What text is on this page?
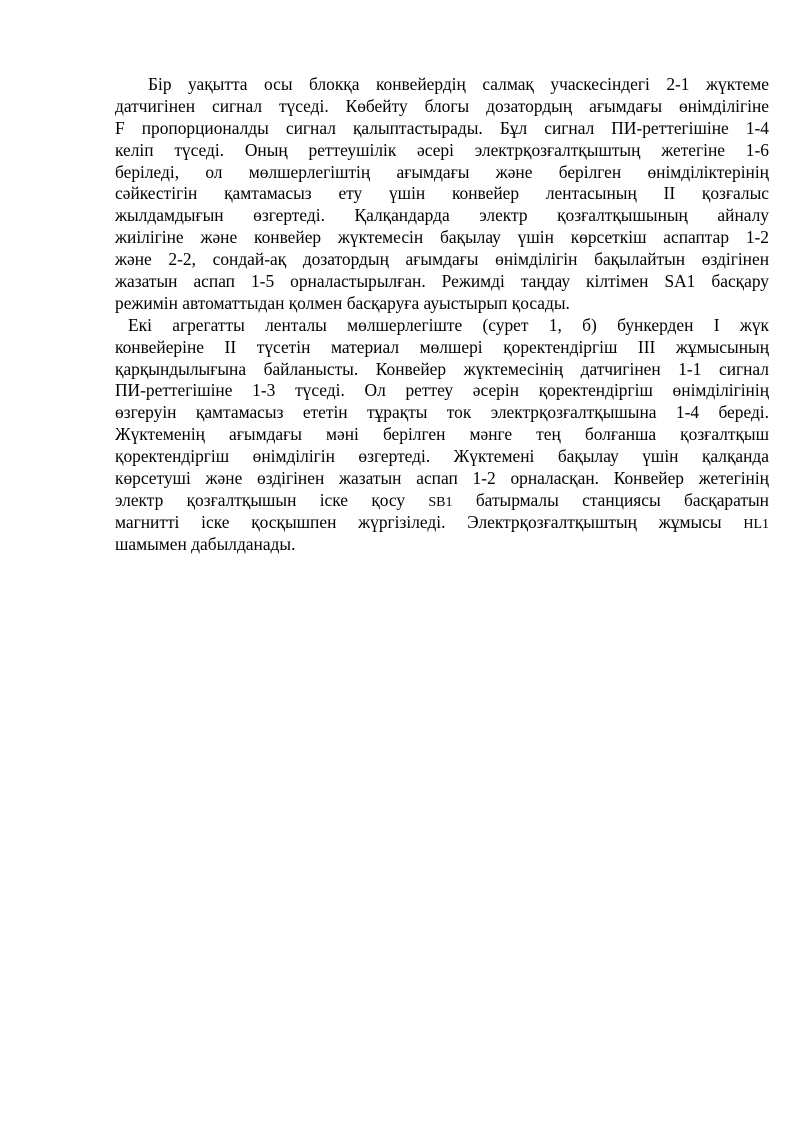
Бір уақытта осы блокқа конвейердің салмақ учаскесіндегі 2-1 жүктеме
датчигінен сигнал түседі. Көбейту блогы дозатордың ағымдағы өнімділігіне
F пропорционалды сигнал қалыптастырады. Бұл сигнал ПИ-реттегішіне 1-4
келіп түседі. Оның реттеушілік әсері электрқозғалтқыштың жетегіне 1-6
беріледі, ол мөлшерлегіштің ағымдағы және берілген өнімділіктерінің
сәйкестігін қамтамасыз ету үшін конвейер лентасының II қозғалыс
жылдамдығын өзгертеді. Қалқандарда электр қозғалтқышының айналу
жиілігіне және конвейер жүктемесін бақылау үшін көрсеткіш аспаптар 1-2
және 2-2, сондай-ақ дозатордың ағымдағы өнімділігін бақылайтын өздігінен
жазатын аспап 1-5 орналастырылған. Режимді таңдау кілтімен SA1 басқару
режимін автоматтыдан қолмен басқаруға ауыстырып қосады.
Екі агрегатты ленталы мөлшерлегіште (сурет 1, б) бункерден I жүк
конвейеріне II түсетін материал мөлшері қоректендіргіш III жұмысының
қарқындылығына байланысты. Конвейер жүктемесінің датчигінен 1-1 сигнал
ПИ-реттегішіне 1-3 түседі. Ол реттеу әсерін қоректендіргіш өнімділігінің
өзгеруін қамтамасыз ететін тұрақты ток электрқозғалтқышына 1-4 береді.
Жүктеменің ағымдағы мәні берілген мәнге тең болғанша қозғалтқыш
қоректендіргіш өнімділігін өзгертеді. Жүктемені бақылау үшін қалқанда
көрсетуші және өздігінен жазатын аспап 1-2 орналасқан. Конвейер жетегінің
электр қозғалтқышын іске қосу SB1 батырмалы станциясы басқаратын
магнитті іске қосқышпен жүргізіледі. Электрқозғалтқыштың жұмысы HL1
шамымен дабылданады.
